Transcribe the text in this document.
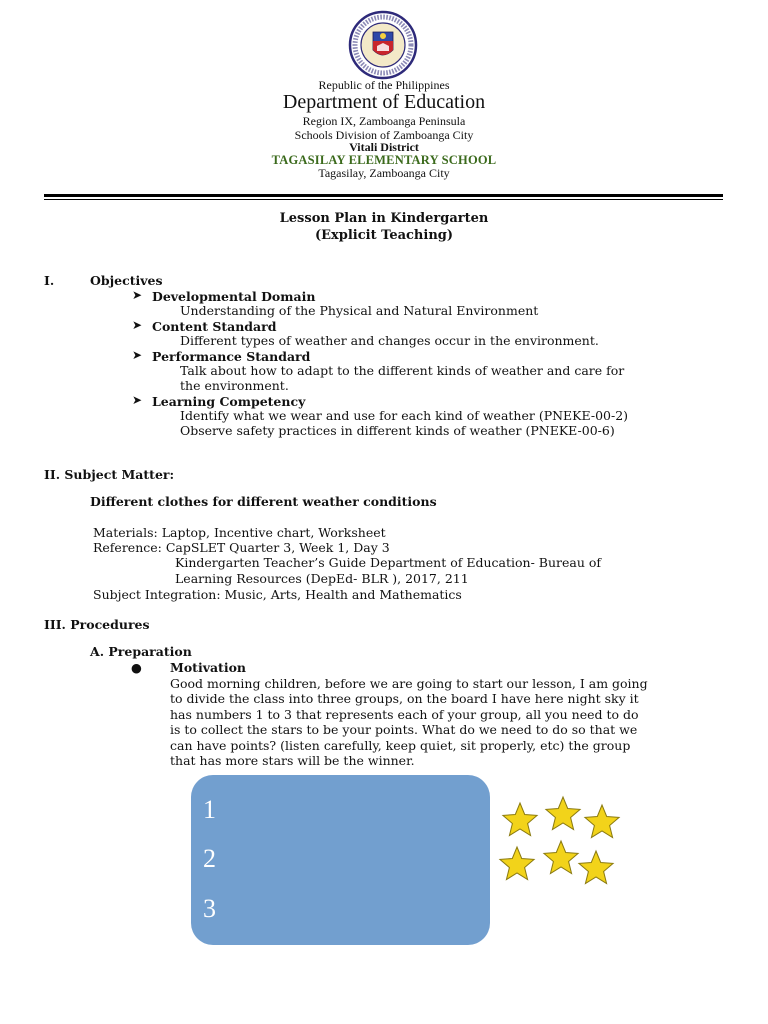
Republic of the Philippines
Department of Education
Region IX, Zamboanga Peninsula
Schools Division of Zamboanga City
Vitali District
TAGASILAY ELEMENTARY SCHOOL
Tagasilay, Zamboanga City
Lesson Plan in Kindergarten
(Explicit Teaching)
I.	Objectives
➤ Developmental Domain
Understanding of the Physical and Natural Environment
➤ Content Standard
Different types of weather and changes occur in the environment.
➤ Performance Standard
Talk about how to adapt to the different kinds of weather and care for
the environment.
➤ Learning Competency
Identify what we wear and use for each kind of weather (PNEKE-00-2)
Observe safety practices in different kinds of weather (PNEKE-00-6)
II. Subject Matter:
Different clothes for different weather conditions
Materials: Laptop, Incentive chart, Worksheet
Reference: CapSLET Quarter 3, Week 1, Day 3
Kindergarten Teacher’s Guide Department of Education- Bureau of
Learning Resources (DepEd- BLR ), 2017, 211
Subject Integration: Music, Arts, Health and Mathematics
III. Procedures
A. Preparation
● Motivation
Good morning children, before we are going to start our lesson, I am going
to divide the class into three groups, on the board I have here night sky it
has numbers 1 to 3 that represents each of your group, all you need to do
is to collect the stars to be your points. What do we need to do so that we
can have points? (listen carefully, keep quiet, sit properly, etc) the group
that has more stars will be the winner.
1
2
3
